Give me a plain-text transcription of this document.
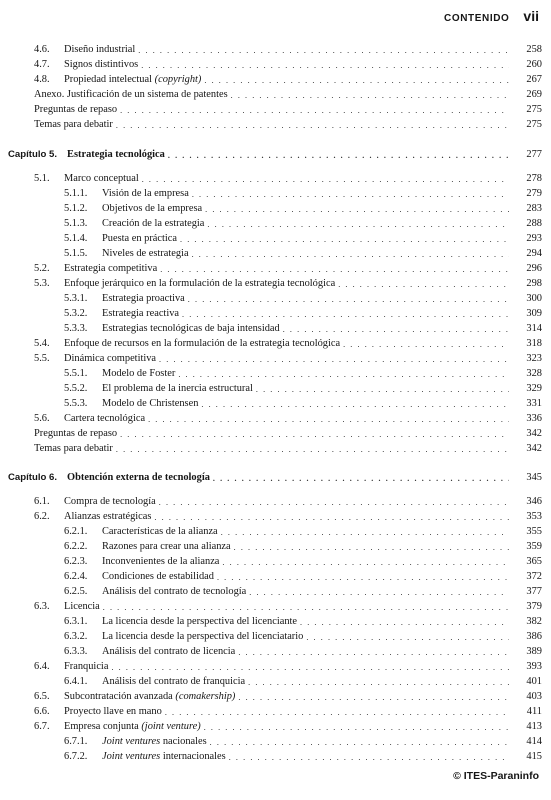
CONTENIDO vii
4.6.	Diseño industrial . . .	258
4.7.	Signos distintivos . . .	260
4.8.	Propiedad intelectual (copyright) . . .	267
Anexo. Justificación de un sistema de patentes . . .	269
Preguntas de repaso . . .	275
Temas para debatir . . .	275
Capítulo 5. Estrategia tecnológica . . .	277
5.1.	Marco conceptual . . .	278
5.1.1.	Visión de la empresa . . .	279
5.1.2.	Objetivos de la empresa . . .	283
5.1.3.	Creación de la estrategia . . .	288
5.1.4.	Puesta en práctica . . .	293
5.1.5.	Niveles de estrategia . . .	294
5.2.	Estrategia competitiva . . .	296
5.3.	Enfoque jerárquico en la formulación de la estrategia tecnológica . . .	298
5.3.1.	Estrategia proactiva . . .	300
5.3.2.	Estrategia reactiva . . .	309
5.3.3.	Estrategias tecnológicas de baja intensidad . . .	314
5.4.	Enfoque de recursos en la formulación de la estrategia tecnológica . . .	318
5.5.	Dinámica competitiva . . .	323
5.5.1.	Modelo de Foster . . .	328
5.5.2.	El problema de la inercia estructural . . .	329
5.5.3.	Modelo de Christensen . . .	331
5.6.	Cartera tecnológica . . .	336
Preguntas de repaso . . .	342
Temas para debatir . . .	342
Capítulo 6. Obtención externa de tecnología . . .	345
6.1.	Compra de tecnología . . .	346
6.2.	Alianzas estratégicas . . .	353
6.2.1.	Características de la alianza . . .	355
6.2.2.	Razones para crear una alianza . . .	359
6.2.3.	Inconvenientes de la alianza . . .	365
6.2.4.	Condiciones de estabilidad . . .	372
6.2.5.	Análisis del contrato de tecnología . . .	377
6.3.	Licencia . . .	379
6.3.1.	La licencia desde la perspectiva del licenciante . . .	382
6.3.2.	La licencia desde la perspectiva del licenciatario . . .	386
6.3.3.	Análisis del contrato de licencia . . .	389
6.4.	Franquicia . . .	393
6.4.1.	Análisis del contrato de franquicia . . .	401
6.5.	Subcontratación avanzada (comakership) . . .	403
6.6.	Proyecto llave en mano . . .	411
6.7.	Empresa conjunta (joint venture) . . .	413
6.7.1.	Joint ventures nacionales . . .	414
6.7.2.	Joint ventures internacionales . . .	415
© ITES-Paraninfo
